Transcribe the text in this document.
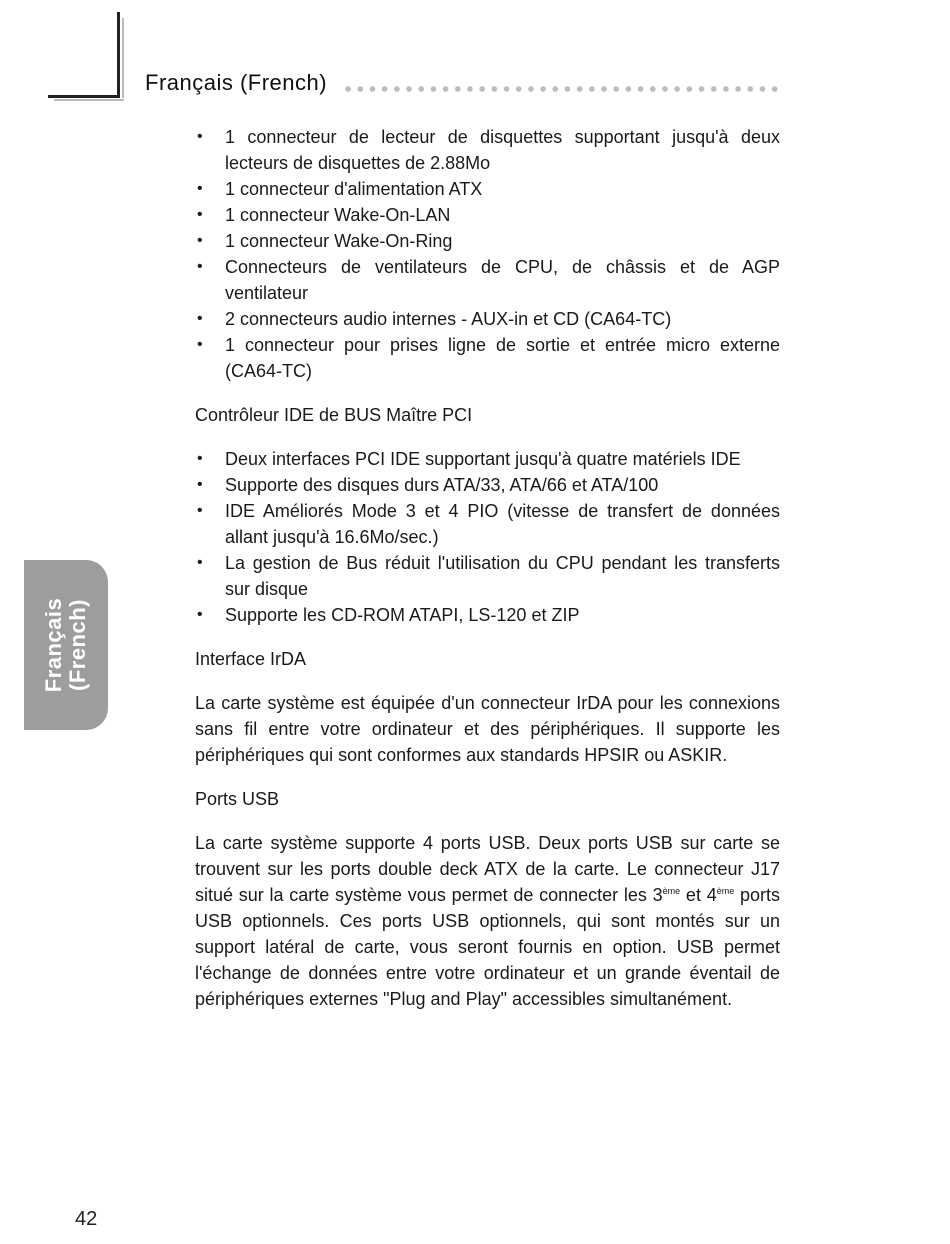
Français (French)
Français (French)
• 1 connecteur de lecteur de disquettes supportant jusqu'à deux lecteurs de disquettes de 2.88Mo
• 1 connecteur d'alimentation ATX
• 1 connecteur Wake-On-LAN
• 1 connecteur Wake-On-Ring
• Connecteurs de ventilateurs de CPU, de châssis et de AGP ventilateur
• 2 connecteurs audio internes - AUX-in et CD (CA64-TC)
• 1 connecteur pour prises ligne de sortie et entrée micro externe (CA64-TC)
Contrôleur IDE de BUS Maître PCI
• Deux interfaces PCI IDE supportant jusqu'à quatre matériels IDE
• Supporte des disques durs ATA/33, ATA/66 et ATA/100
• IDE Améliorés Mode 3 et 4 PIO (vitesse de transfert de données allant jusqu'à 16.6Mo/sec.)
• La gestion de Bus réduit l'utilisation du CPU pendant les transferts sur disque
• Supporte les CD-ROM ATAPI, LS-120 et ZIP
Interface IrDA

La carte système est équipée d'un connecteur IrDA pour les connexions sans fil entre votre ordinateur et des périphériques. Il supporte les périphériques qui sont conformes aux standards HPSIR ou ASKIR.

Ports USB

La carte système supporte 4 ports USB. Deux ports USB sur carte se trouvent sur les ports double deck ATX de la carte. Le connecteur J17 situé sur la carte système vous permet de connecter les 3ème et 4ème ports USB optionnels. Ces ports USB optionnels, qui sont montés sur un support latéral de carte, vous seront fournis en option. USB permet l'échange de données entre votre ordinateur et un grande éventail de périphériques externes "Plug and Play" accessibles simultanément.

42
